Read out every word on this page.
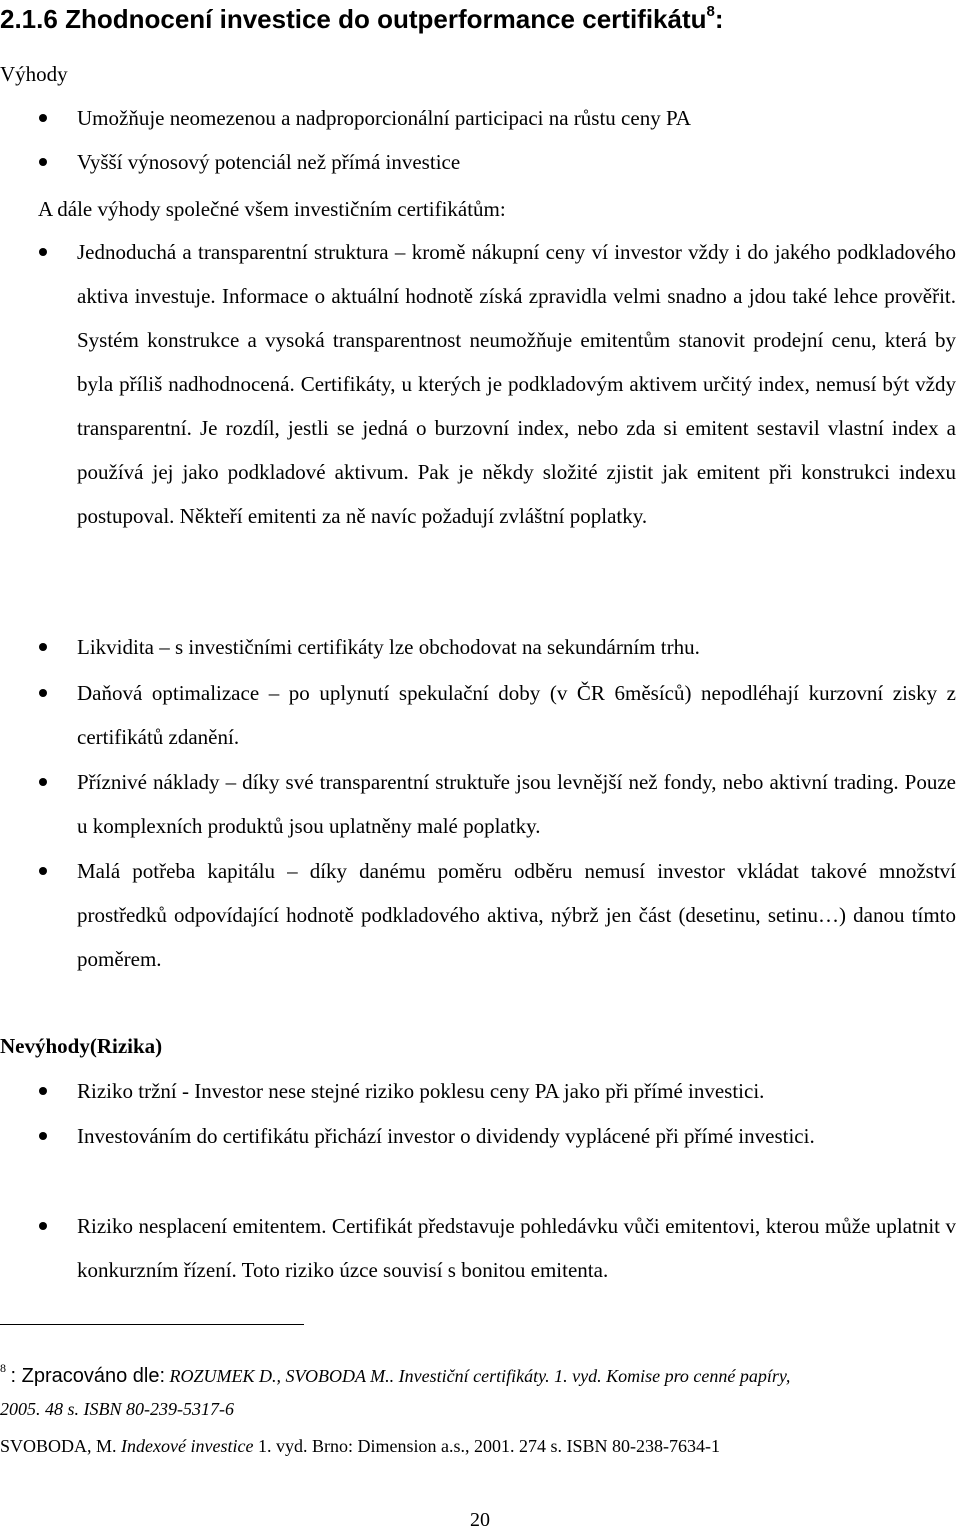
2.1.6 Zhodnocení investice do outperformance certifikátu$^8$:
Výhody

Umožňuje neomezenou a nadproporcionální participaci na růstu ceny PA

Vyšší výnosový potenciál než přímá investice

A dále výhody společné všem investičním certifikátům:

Jednoduchá a transparentní struktura – kromě nákupní ceny ví investor vždy i do jakého podkladového aktiva investuje. Informace o aktuální hodnotě získá zpravidla velmi snadno a jdou také lehce prověřit. Systém konstrukce a vysoká transparentnost neumožňuje emitentům stanovit prodejní cenu, která by byla příliš nadhodnocená. Certifikáty, u kterých je podkladovým aktivem určitý index, nemusí být vždy transparentní. Je rozdíl, jestli se jedná o burzovní index, nebo zda si emitent sestavil vlastní index a používá jej jako podkladové aktivum. Pak je někdy složité zjistit jak emitent při konstrukci indexu postupoval. Někteří emitenti za ně navíc požadují zvláštní poplatky.

Likvidita – s investičními certifikáty lze obchodovat na sekundárním trhu.

Daňová optimalizace – po uplynutí spekulační doby (v ČR 6měsíců) nepodléhají kurzovní zisky z certifikátů zdanění.

Příznivé náklady – díky své transparentní struktuře jsou levnější než fondy, nebo aktivní trading. Pouze u komplexních produktů jsou uplatněny malé poplatky.

Malá potřeba kapitálu – díky danému poměru odběru nemusí investor vkládat takové množství prostředků odpovídající hodnotě podkladového aktiva, nýbrž jen část (desetinu, setinu…) danou tímto poměrem.

Nevýhody(Rizika)

Riziko tržní - Investor nese stejné riziko poklesu ceny PA jako při přímé investici.

Investováním do certifikátu přichází investor o dividendy vyplácené při přímé investici.

Riziko nesplacení emitentem. Certifikát představuje pohledávku vůči emitentovi, kterou může uplatnit v konkurzním řízení. Toto riziko úzce souvisí s bonitou emitenta.

$^8$ : Zpracováno dle: ROZUMEK D., SVOBODA M.. Investiční certifikáty. 1. vyd. Komise pro cenné papíry,
2005. 48 s. ISBN 80-239-5317-6
SVOBODA, M. Indexové investice 1. vyd. Brno: Dimension a.s., 2001. 274 s. ISBN 80-238-7634-1
20
